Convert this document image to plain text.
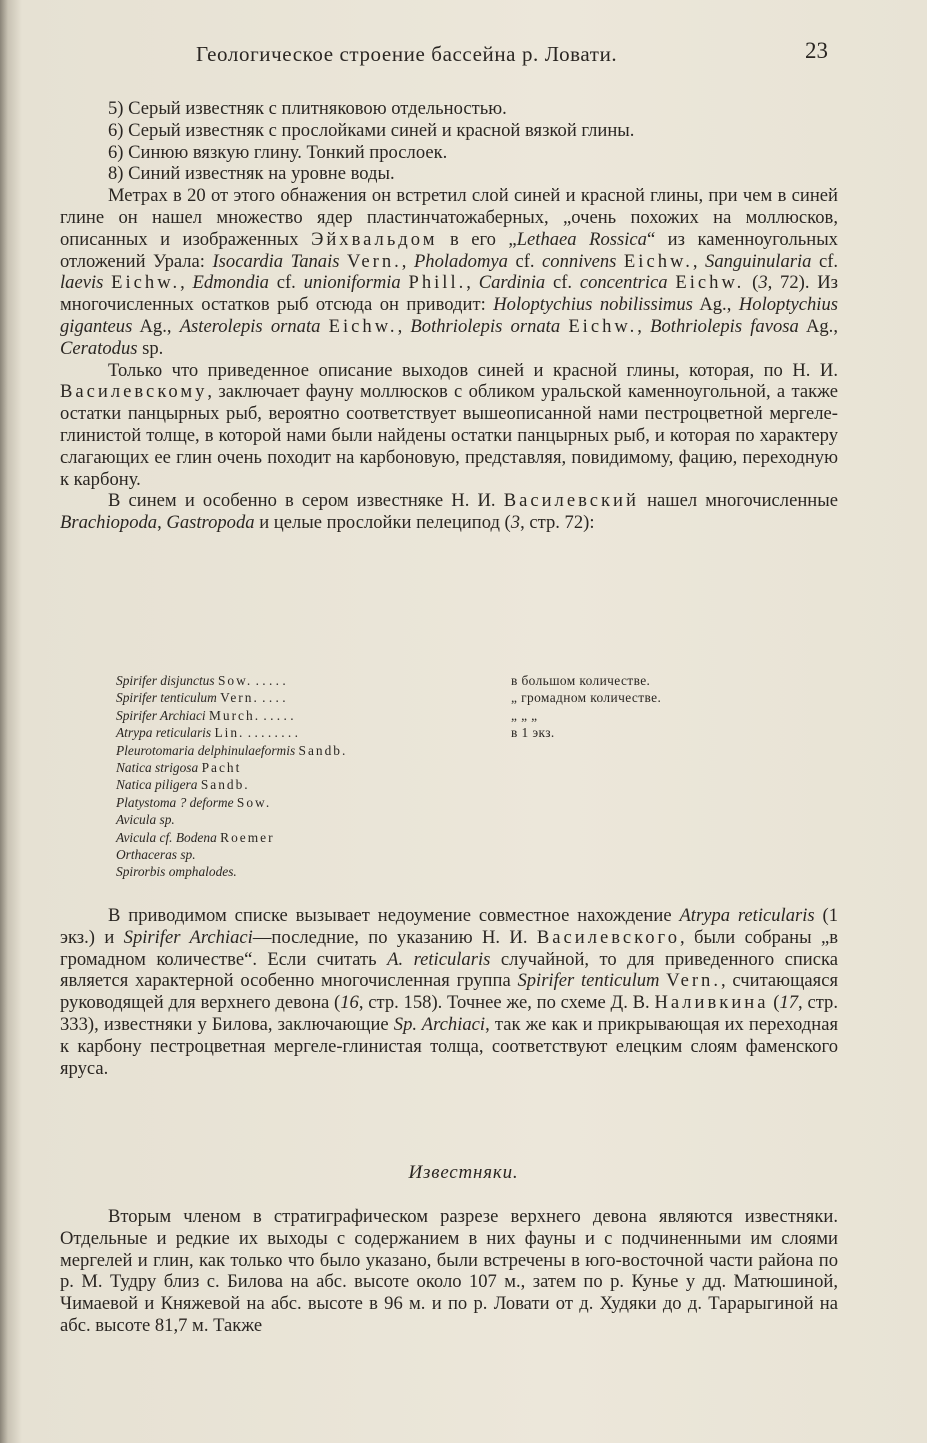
Геологическое строение бассейна р. Ловати.	23

5) Серый известняк с плитняковою отдельностью.

6) Серый известняк с прослойками синей и красной вязкой глины.

6) Синюю вязкую глину. Тонкий прослоек.

8) Синий известняк на уровне воды.

Метрах в 20 от этого обнажения он встретил слой синей и красной глины, при чем в синей глине он нашел множество ядер пластинчатожаберных, „очень похожих на моллюсков, описанных и изображенных Эйхвальдом в его „Lethaea Rossica“ из каменноугольных отложений Урала: Isocardia Tanais Vern., Pholadomya cf. connivens Eichw., Sanguinularia cf. laevis Eichw., Edmondia cf. unioniformia Phill., Cardinia cf. concentrica Eichw. (3, 72). Из многочисленных остатков рыб отсюда он приводит: Holoptychius nobilissimus Ag., Holoptychius giganteus Ag., Asterolepis ornata Eichw., Bothriolepis ornata Eichw., Bothriolepis favosa Ag., Ceratodus sp.

Только что приведенное описание выходов синей и красной глины, которая, по Н. И. Василевскому, заключает фауну моллюсков с обликом уральской каменноугольной, а также остатки панцырных рыб, вероятно соответствует вышеописанной нами пестроцветной мергеле-глинистой толще, в которой нами были найдены остатки панцырных рыб, и которая по характеру слагающих ее глин очень походит на карбоновую, представляя, повидимому, фацию, переходную к карбону.

В синем и особенно в сером известняке Н. И. Василевский нашел многочисленные Brachiopoda, Gastropoda и целые прослойки пелеципод (3, стр. 72):

Spirifer disjunctus Sow. . . . . .	в большом количестве.
Spirifer tenticulum Vern. . . . .	„ громадном количестве.
Spirifer Archiaci Murch. . . . . .	„ „ „
Atrypa reticularis Lin. . . . . . . . .	в 1 экз.
Pleurotomaria delphinulaeformis Sandb.
Natica strigosa Pacht
Natica piligera Sandb.
Platystoma ? deforme Sow.
Avicula sp.
Avicula cf. Bodena Roemer
Orthaceras sp.
Spirorbis omphalodes.

В приводимом списке вызывает недоумение совместное нахождение Atrypa reticularis (1 экз.) и Spirifer Archiaci—последние, по указанию Н. И. Василевского, были собраны „в громадном количестве“. Если считать A. reticularis случайной, то для приведенного списка является характерной особенно многочисленная группа Spirifer tenticulum Vern., считающаяся руководящей для верхнего девона (16, стр. 158). Точнее же, по схеме Д. В. Наливкина (17, стр. 333), известняки у Билова, заключающие Sp. Archiaci, так же как и прикрывающая их переходная к карбону пестроцветная мергеле-глинистая толща, соответствуют елецким слоям фаменского яруса.

Известняки.

Вторым членом в стратиграфическом разрезе верхнего девона являются известняки. Отдельные и редкие их выходы с содержанием в них фауны и с подчиненными им слоями мергелей и глин, как только что было указано, были встречены в юго-восточной части района по р. М. Тудру близ с. Билова на абс. высоте около 107 м., затем по р. Кунье у дд. Матюшиной, Чимаевой и Княжевой на абс. высоте в 96 м. и по р. Ловати от д. Худяки до д. Тарарыгиной на абс. высоте 81,7 м. Также
